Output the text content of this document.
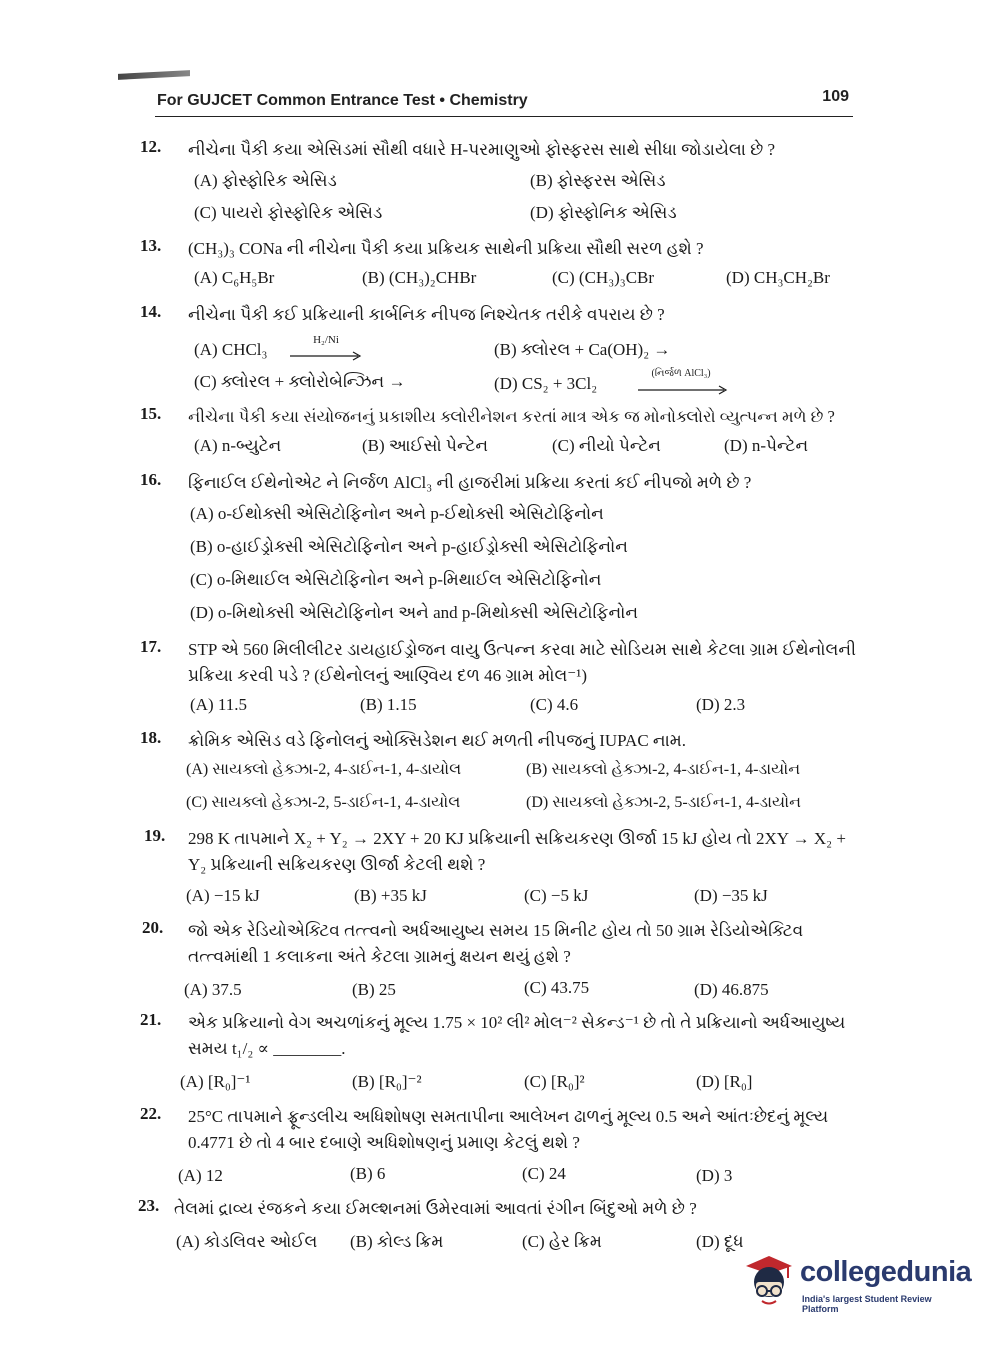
For GUJCET Common Entrance Test • Chemistry	109
12.	નીચેના પૈકી કયા એસિડમાં સૌથી વધારે H-પરમાણુઓ ફોસ્ફરસ સાથે સીધા જોડાયેલા છે ?
(A) ફોસ્ફોરિક એસિડ	(B) ફોસ્ફરસ એસિડ
(C) પાયરો ફોસ્ફોરિક એસિડ	(D) ફોસ્ફોનિક એસિડ
13.	(CH₃)₃ CONa ની નીચેના પૈકી કયા પ્રક્રિયક સાથેની પ્રક્રિયા સૌથી સરળ હશે ?
(A) C₆H₅Br	(B) (CH₃)₂CHBr	(C) (CH₃)₃CBr	(D) CH₃CH₂Br
14.	નીચેના પૈકી કઈ પ્રક્રિયાની કાર્બનિક નીપજ નિશ્ચેતક તરીકે વપરાય છે ?
(A) CHCl₃	H₂/Ni	(B) ક્લોરલ + Ca(OH)₂ →
(C) ક્લોરલ + ક્લોરોબેન્ઝિન →	(D) CS₂ + 3Cl₂
(નિર્જળ AlCl₃)
15.	નીચેના પૈકી કયા સંયોજનનું પ્રકાશીય ક્લોરીનેશન કરતાં માત્ર એક જ મોનોક્લોરો વ્યુત્પન્ન મળે છે ?
(A) n-બ્યુટેન	(B) આઈસો પેન્ટેન	(C) નીયો પેન્ટેન	(D) n-પેન્ટેન
16.	ફિનાઈલ ઈથેનોએટ ને નિર્જળ AlCl₃ ની હાજરીમાં પ્રક્રિયા કરતાં કઈ નીપજો મળે છે ?
(A) o-ઈથોક્સી એસિટોફિનોન અને p-ઈથોક્સી એસિટોફિનોન
(B) o-હાઈડ્રોક્સી એસિટોફિનોન અને p-હાઈડ્રોક્સી એસિટોફિનોન
(C) o-મિથાઈલ એસિટોફિનોન અને p-મિથાઈલ એસિટોફિનોન
(D) o-મિથોક્સી એસિટોફિનોન અને and p-મિથોક્સી એસિટોફિનોન
17.	STP એ 560 મિલીલીટર ડાયહાઈડ્રોજન વાયુ ઉત્પન્ન કરવા માટે સોડિયમ સાથે કેટલા ગ્રામ ઈથેનોલની પ્રક્રિયા કરવી પડે ? (ઈથેનોલનું આણ્વિય દળ 46 ગ્રામ મોલ⁻¹)
(A) 11.5	(B) 1.15	(C) 4.6	(D) 2.3
18.	ક્રોમિક એસિડ વડે ફિનોલનું ઓક્સિડેશન થઈ મળતી નીપજનું IUPAC નામ.
(A) સાયક્લો હેક્ઝા-2, 4-ડાઈન-1, 4-ડાયોલ	(B) સાયક્લો હેક્ઝા-2, 4-ડાઈન-1, 4-ડાયોન
(C) સાયક્લો હેક્ઝા-2, 5-ડાઈન-1, 4-ડાયોલ	(D) સાયક્લો હેક્ઝા-2, 5-ડાઈન-1, 4-ડાયોન
19.	298 K તાપમાને X₂ + Y₂ → 2XY + 20 KJ પ્રક્રિયાની સક્રિયકરણ ઊર્જા 15 kJ હોય તો 2XY → X₂ + Y₂ પ્રક્રિયાની સક્રિયકરણ ઊર્જા કેટલી થશે ?
(A) −15 kJ	(B) +35 kJ	(C) −5 kJ	(D) −35 kJ
20.	જો એક રેડિયોએક્ટિવ તત્ત્વનો અર્ધઆયુષ્ય સમય 15 મિનીટ હોય તો 50 ગ્રામ રેડિયોએક્ટિવ તત્ત્વમાંથી 1 કલાકના અંતે કેટલા ગ્રામનું ક્ષયન થયું હશે ?
(A) 37.5	(B) 25	(C) 43.75	(D) 46.875
21.	એક પ્રક્રિયાનો વેગ અચળાંકનું મૂલ્ય 1.75 × 10² લી² મોલ⁻² સેકન્ડ⁻¹ છે તો તે પ્રક્રિયાનો અર્ધઆયુષ્ય સમય t₁/₂ ∝ ________.
(A) [R₀]⁻¹	(B) [R₀]⁻²	(C) [R₀]²	(D) [R₀]
22.	25°C તાપમાને ફ્રૂન્ડલીચ અધિશોષણ સમતાપીના આલેખન ઢાળનું મૂલ્ય 0.5 અને આંતઃછેદનું મૂલ્ય 0.4771 છે તો 4 બાર દબાણે અધિશોષણનું પ્રમાણ કેટલું થશે ?
(A) 12	(B) 6	(C) 24	(D) 3
23. તેલમાં દ્રાવ્ય રંજકને કયા ઈમલ્શનમાં ઉમેરવામાં આવતાં રંગીન બિંદુઓ મળે છે ?
(A) કોડલિવર ઓઈલ (B) કોલ્ડ ક્રિમ	(C) હેર ક્રિમ	(D) દૂધ
collegedunia
India's largest Student Review Platform
